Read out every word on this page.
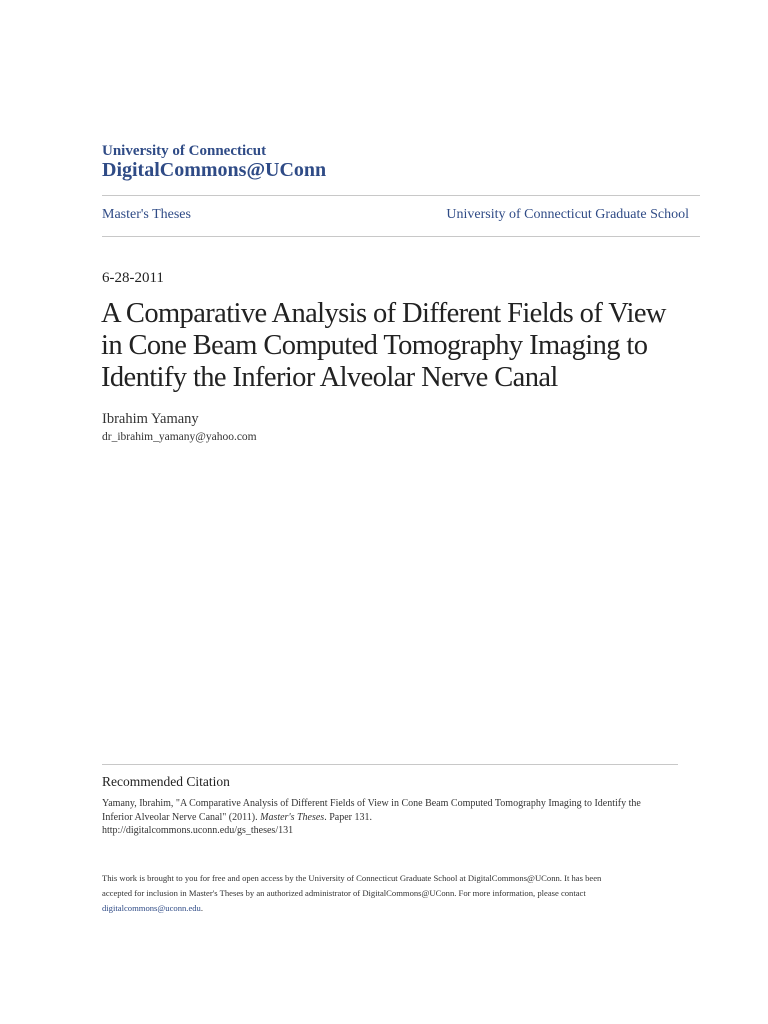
University of Connecticut
DigitalCommons@UConn
Master's Theses	University of Connecticut Graduate School
6-28-2011
A Comparative Analysis of Different Fields of View
in Cone Beam Computed Tomography Imaging to
Identify the Inferior Alveolar Nerve Canal
Ibrahim Yamany
dr_ibrahim_yamany@yahoo.com
Recommended Citation
Yamany, Ibrahim, "A Comparative Analysis of Different Fields of View in Cone Beam Computed Tomography Imaging to Identify the
Inferior Alveolar Nerve Canal" (2011). Master's Theses. Paper 131.
http://digitalcommons.uconn.edu/gs_theses/131
This work is brought to you for free and open access by the University of Connecticut Graduate School at DigitalCommons@UConn. It has been
accepted for inclusion in Master's Theses by an authorized administrator of DigitalCommons@UConn. For more information, please contact
digitalcommons@uconn.edu.
